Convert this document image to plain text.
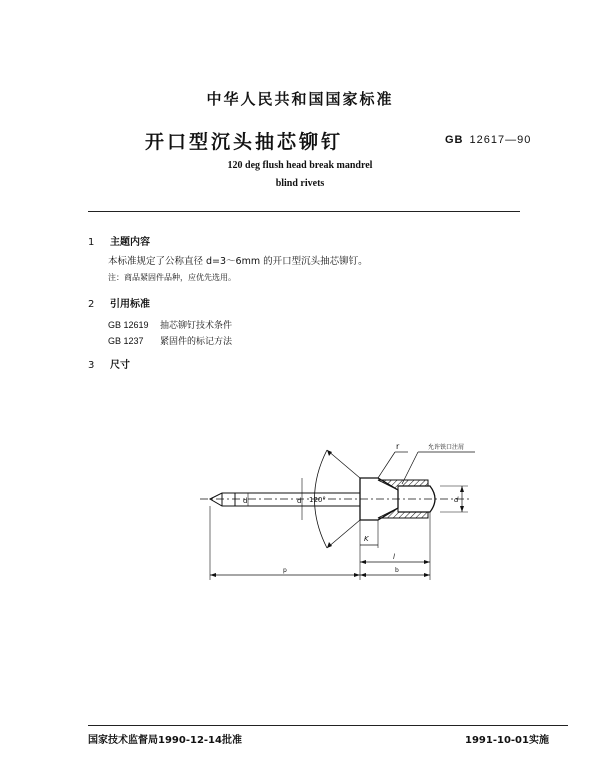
中华人民共和国国家标准
开口型沉头抽芯铆钉	GB 12617—90
120 deg flush head break mandrel
blind rivets
1 主题内容
本标准规定了公称直径 d=3～6mm 的开口型沉头抽芯铆钉。
注：商品紧固件品种，应优先选用。
2 引用标准
GB 12619 抽芯铆钉技术条件
GB 1237 紧固件的标记方法
3 尺寸
r	允许铁口注屑
d	120°
d	d
K
l
p	b
国家技术监督局1990-12-14批准	1991-10-01实施
